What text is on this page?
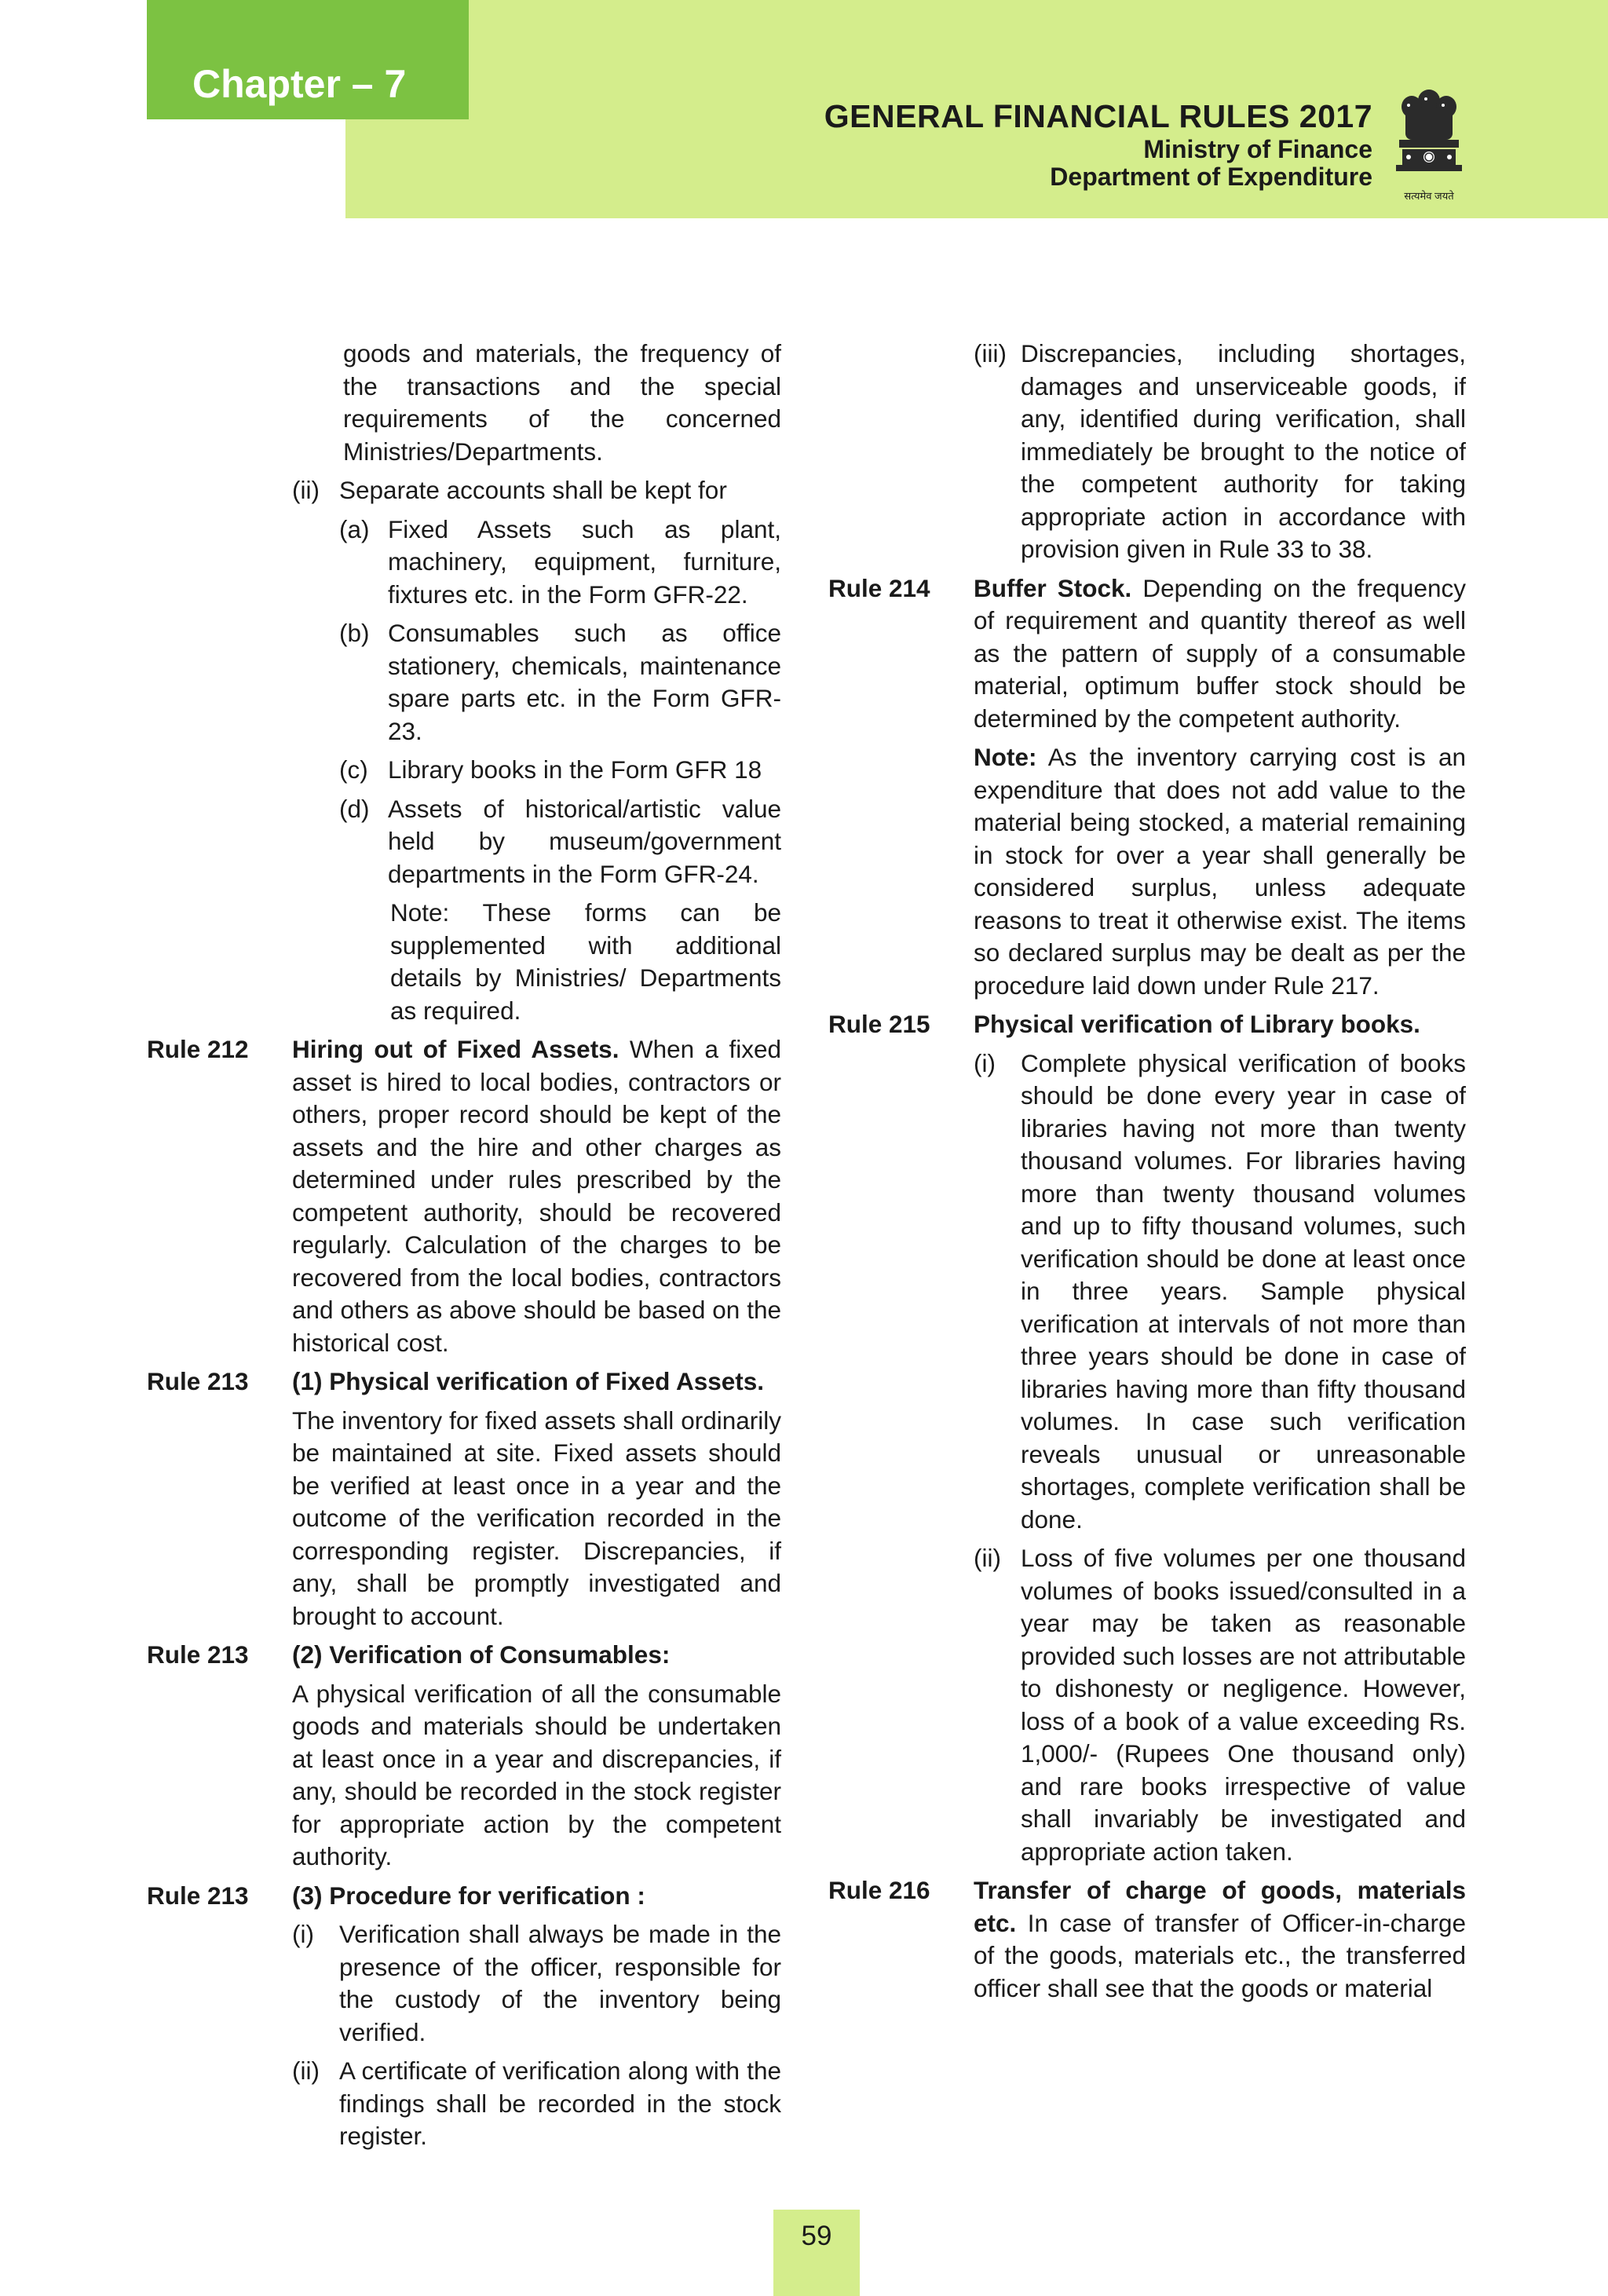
Chapter – 7
GENERAL FINANCIAL RULES 2017
Ministry of Finance
Department of Expenditure
सत्यमेव जयते
goods and materials, the frequency of the transactions and the special requirements of the concerned Ministries/Departments.
(ii) Separate accounts shall be kept for
(a) Fixed Assets such as plant, machinery, equipment, furniture, fixtures etc. in the Form GFR-22.
(b) Consumables such as office stationery, chemicals, maintenance spare parts etc. in the Form GFR-23.
(c) Library books in the Form GFR 18
(d) Assets of historical/artistic value held by museum/government departments in the Form GFR-24.
Note: These forms can be supplemented with additional details by Ministries/ Departments as required.
Rule 212	Hiring out of Fixed Assets. When a fixed asset is hired to local bodies, contractors or others, proper record should be kept of the assets and the hire and other charges as determined under rules prescribed by the competent authority, should be recovered regularly. Calculation of the charges to be recovered from the local bodies, contractors and others as above should be based on the historical cost.
Rule 213	(1) Physical verification of Fixed Assets.
The inventory for fixed assets shall ordinarily be maintained at site. Fixed assets should be verified at least once in a year and the outcome of the verification recorded in the corresponding register. Discrepancies, if any, shall be promptly investigated and brought to account.
Rule 213	(2) Verification of Consumables:
A physical verification of all the consumable goods and materials should be undertaken at least once in a year and discrepancies, if any, should be recorded in the stock register for appropriate action by the competent authority.
Rule 213	(3) Procedure for verification :
(i)	Verification shall always be made in the presence of the officer, responsible for the custody of the inventory being verified.
(ii) A certificate of verification along with the findings shall be recorded in the stock register.
(iii) Discrepancies, including shortages, damages and unserviceable goods, if any, identified during verification, shall immediately be brought to the notice of the competent authority for taking appropriate action in accordance with provision given in Rule 33 to 38.
Rule 214	Buffer Stock. Depending on the frequency of requirement and quantity thereof as well as the pattern of supply of a consumable material, optimum buffer stock should be determined by the competent authority.
Note: As the inventory carrying cost is an expenditure that does not add value to the material being stocked, a material remaining in stock for over a year shall generally be considered surplus, unless adequate reasons to treat it otherwise exist. The items so declared surplus may be dealt as per the procedure laid down under Rule 217.
Rule 215	Physical verification of Library books.
(i)	Complete physical verification of books should be done every year in case of libraries having not more than twenty thousand volumes. For libraries having more than twenty thousand volumes and up to fifty thousand volumes, such verification should be done at least once in three years. Sample physical verification at intervals of not more than three years should be done in case of libraries having more than fifty thousand volumes. In case such verification reveals unusual or unreasonable shortages, complete verification shall be done.
(ii) Loss of five volumes per one thousand volumes of books issued/consulted in a year may be taken as reasonable provided such losses are not attributable to dishonesty or negligence. However, loss of a book of a value exceeding Rs. 1,000/- (Rupees One thousand only) and rare books irrespective of value shall invariably be investigated and appropriate action taken.
Rule 216	Transfer of charge of goods, materials etc. In case of transfer of Officer-in-charge of the goods, materials etc., the transferred officer shall see that the goods or material
59
